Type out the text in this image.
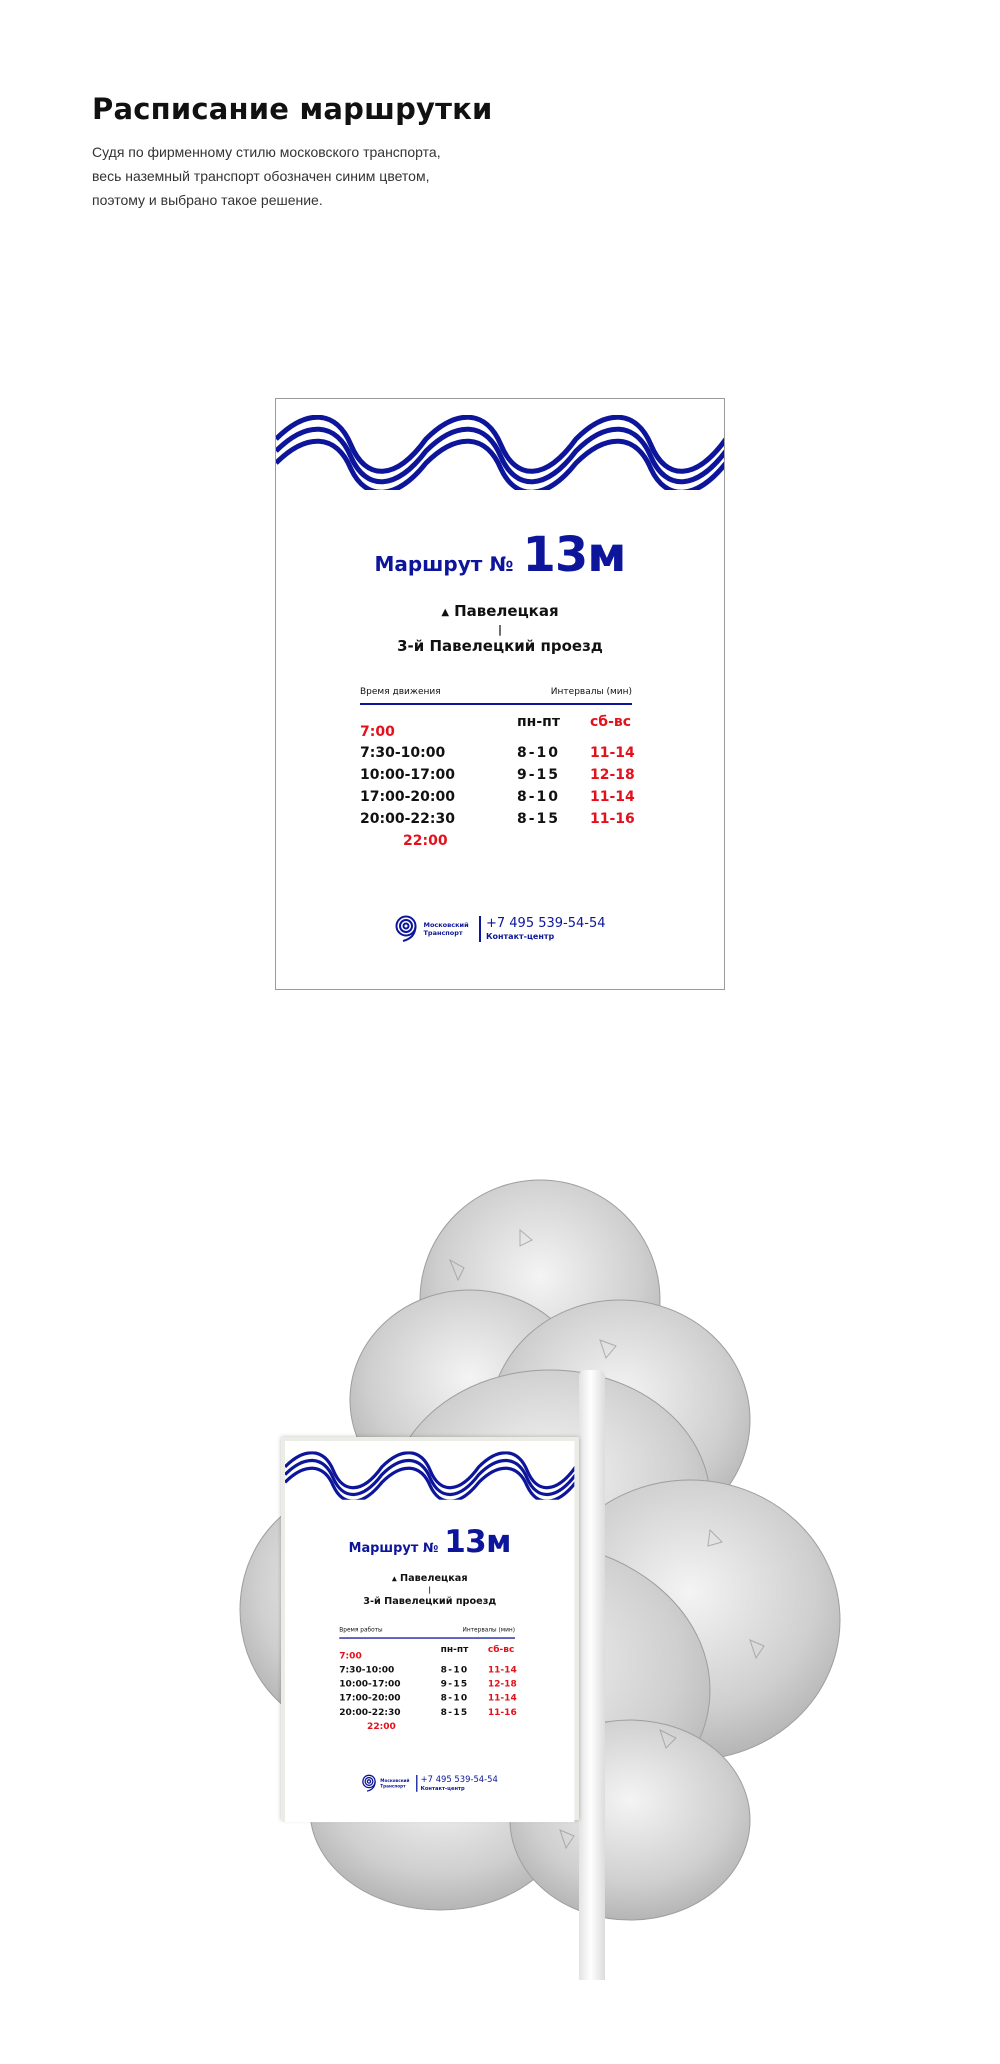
Расписание маршрутки

Судя по фирменному стилю московского транспорта,
весь наземный транспорт обозначен синим цветом,
поэтому и выбрано такое решение.

Маршрут № 13м
▲ Павелецкая
|
3-й Павелецкий проезд
Время движения	Интервалы (мин)
пн-пт сб-вс
7:00
7:30-10:00	8-10 11-14
10:00-17:00	9-15 12-18
17:00-20:00	8-10 11-14
20:00-22:30	8-15 11-16
22:00
Московский
Транспорт
+7 495 539-54-54
Контакт-центр
Маршрут № 13м
▲ Павелецкая
|
3-й Павелецкий проезд
Время работы	Интервалы (мин)
пн-пт сб-вс
7:00
7:30-10:00	8-10 11-14
10:00-17:00	9-15 12-18
17:00-20:00	8-10 11-14
20:00-22:30	8-15 11-16
22:00
Московский
Транспорт
+7 495 539-54-54
Контакт-центр
